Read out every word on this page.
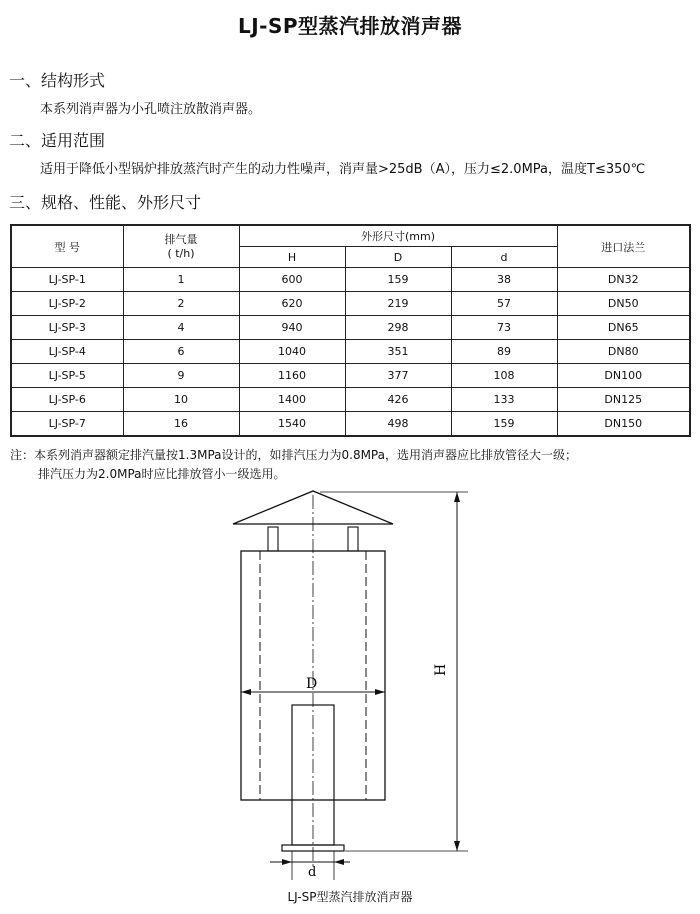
LJ-SP型蒸汽排放消声器
一、结构形式
本系列消声器为小孔喷注放散消声器。
二、适用范围
适用于降低小型锅炉排放蒸汽时产生的动力性噪声，消声量>25dB（A），压力≤2.0MPa，温度T≤350℃
三、规格、性能、外形尺寸
型 号	排气量	外形尺寸(mm)			进口法兰
	( t/h)	H	D	d	
LJ-SP-1	1	600	159	38	DN32
LJ-SP-2	2	620	219	57	DN50
LJ-SP-3	4	940	298	73	DN65
LJ-SP-4	6	1040	351	89	DN80
LJ-SP-5	9	1160	377	108	DN100
LJ-SP-6	10	1400	426	133	DN125
LJ-SP-7	16	1540	498	159	DN150
注：本系列消声器额定排汽量按1.3MPa设计的，如排汽压力为0.8MPa，选用消声器应比排放管径大一级；
排汽压力为2.0MPa时应比排放管小一级选用。
D
H
d
LJ-SP型蒸汽排放消声器
